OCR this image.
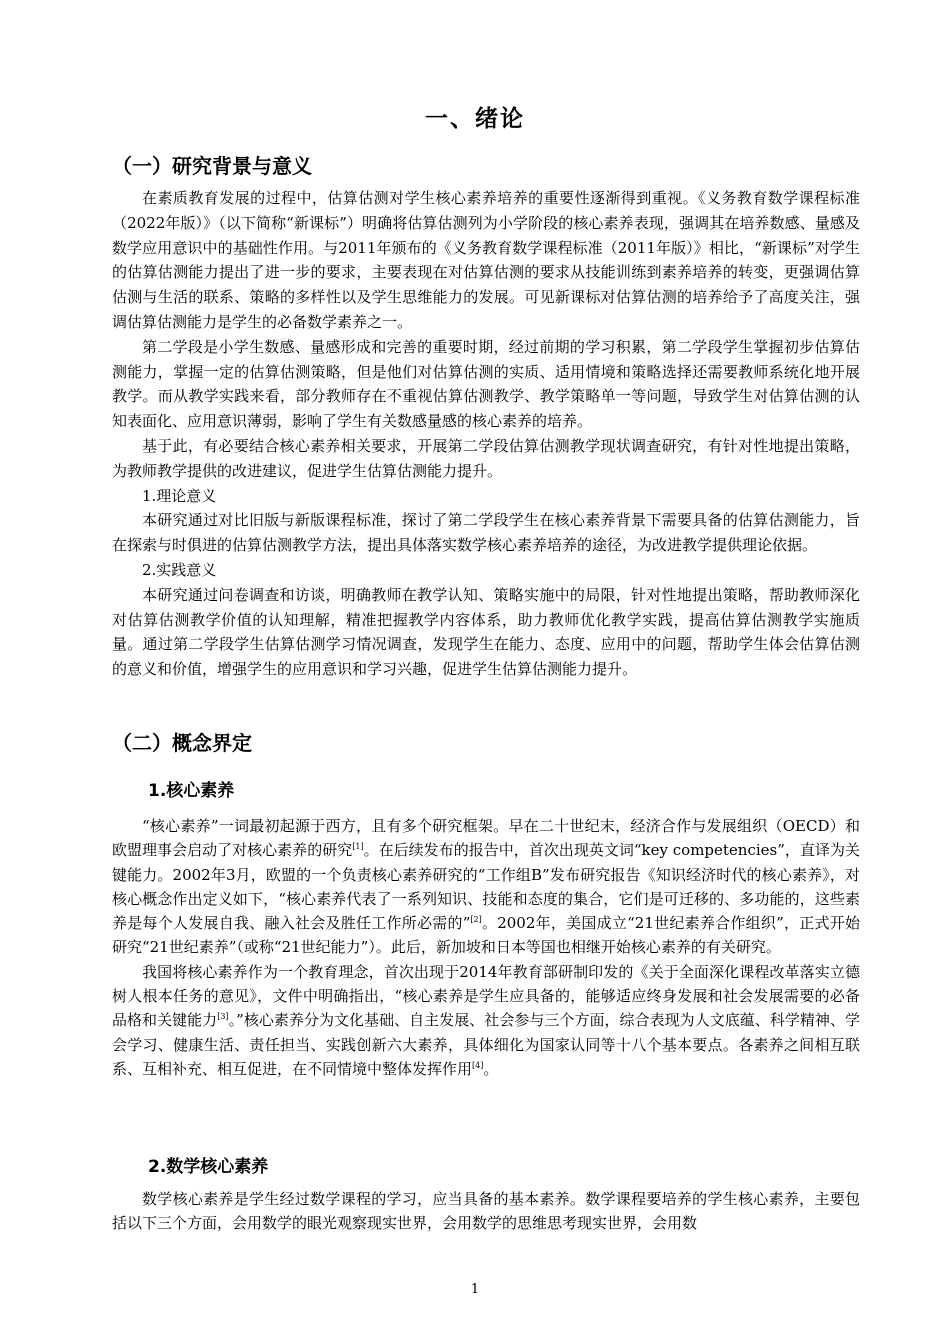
一、绪论
（一）研究背景与意义

在素质教育发展的过程中，估算估测对学生核心素养培养的重要性逐渐得到重视。《义务教育数学课程标准（2022年版）》（以下简称“新课标”）明确将估算估测列为小学阶段的核心素养表现，强调其在培养数感、量感及数学应用意识中的基础性作用。与2011年颁布的《义务教育数学课程标准（2011年版）》相比，“新课标”对学生的估算估测能力提出了进一步的要求，主要表现在对估算估测的要求从技能训练到素养培养的转变，更强调估算估测与生活的联系、策略的多样性以及学生思维能力的发展。可见新课标对估算估测的培养给予了高度关注，强调估算估测能力是学生的必备数学素养之一。

第二学段是小学生数感、量感形成和完善的重要时期，经过前期的学习积累，第二学段学生掌握初步估算估测能力，掌握一定的估算估测策略，但是他们对估算估测的实质、适用情境和策略选择还需要教师系统化地开展教学。而从教学实践来看，部分教师存在不重视估算估测教学、教学策略单一等问题，导致学生对估算估测的认知表面化、应用意识薄弱，影响了学生有关数感量感的核心素养的培养。

基于此，有必要结合核心素养相关要求，开展第二学段估算估测教学现状调查研究，有针对性地提出策略，为教师教学提供的改进建议，促进学生估算估测能力提升。

1.理论意义

本研究通过对比旧版与新版课程标准，探讨了第二学段学生在核心素养背景下需要具备的估算估测能力，旨在探索与时俱进的估算估测教学方法，提出具体落实数学核心素养培养的途径，为改进教学提供理论依据。

2.实践意义

本研究通过问卷调查和访谈，明确教师在教学认知、策略实施中的局限，针对性地提出策略，帮助教师深化对估算估测教学价值的认知理解，精准把握教学内容体系，助力教师优化教学实践，提高估算估测教学实施质量。通过第二学段学生估算估测学习情况调查，发现学生在能力、态度、应用中的问题，帮助学生体会估算估测的意义和价值，增强学生的应用意识和学习兴趣，促进学生估算估测能力提升。

（二）概念界定
1.核心素养

“核心素养”一词最初起源于西方，且有多个研究框架。早在二十世纪末，经济合作与发展组织（OECD）和欧盟理事会启动了对核心素养的研究[1]。在后续发布的报告中，首次出现英文词“key competencies”，直译为关键能力。2002年3月，欧盟的一个负责核心素养研究的“工作组B”发布研究报告《知识经济时代的核心素养》，对核心概念作出定义如下，“核心素养代表了一系列知识、技能和态度的集合，它们是可迁移的、多功能的，这些素养是每个人发展自我、融入社会及胜任工作所必需的”[2]。2002年，美国成立“21世纪素养合作组织”，正式开始研究“21世纪素养”（或称“21世纪能力”）。此后，新加坡和日本等国也相继开始核心素养的有关研究。

我国将核心素养作为一个教育理念，首次出现于2014年教育部研制印发的《关于全面深化课程改革落实立德树人根本任务的意见》，文件中明确指出，“核心素养是学生应具备的，能够适应终身发展和社会发展需要的必备品格和关键能力[3]。”核心素养分为文化基础、自主发展、社会参与三个方面，综合表现为人文底蕴、科学精神、学会学习、健康生活、责任担当、实践创新六大素养，具体细化为国家认同等十八个基本要点。各素养之间相互联系、互相补充、相互促进，在不同情境中整体发挥作用[4]。

2.数学核心素养

数学核心素养是学生经过数学课程的学习，应当具备的基本素养。数学课程要培养的学生核心素养，主要包括以下三个方面，会用数学的眼光观察现实世界，会用数学的思维思考现实世界，会用数

1
